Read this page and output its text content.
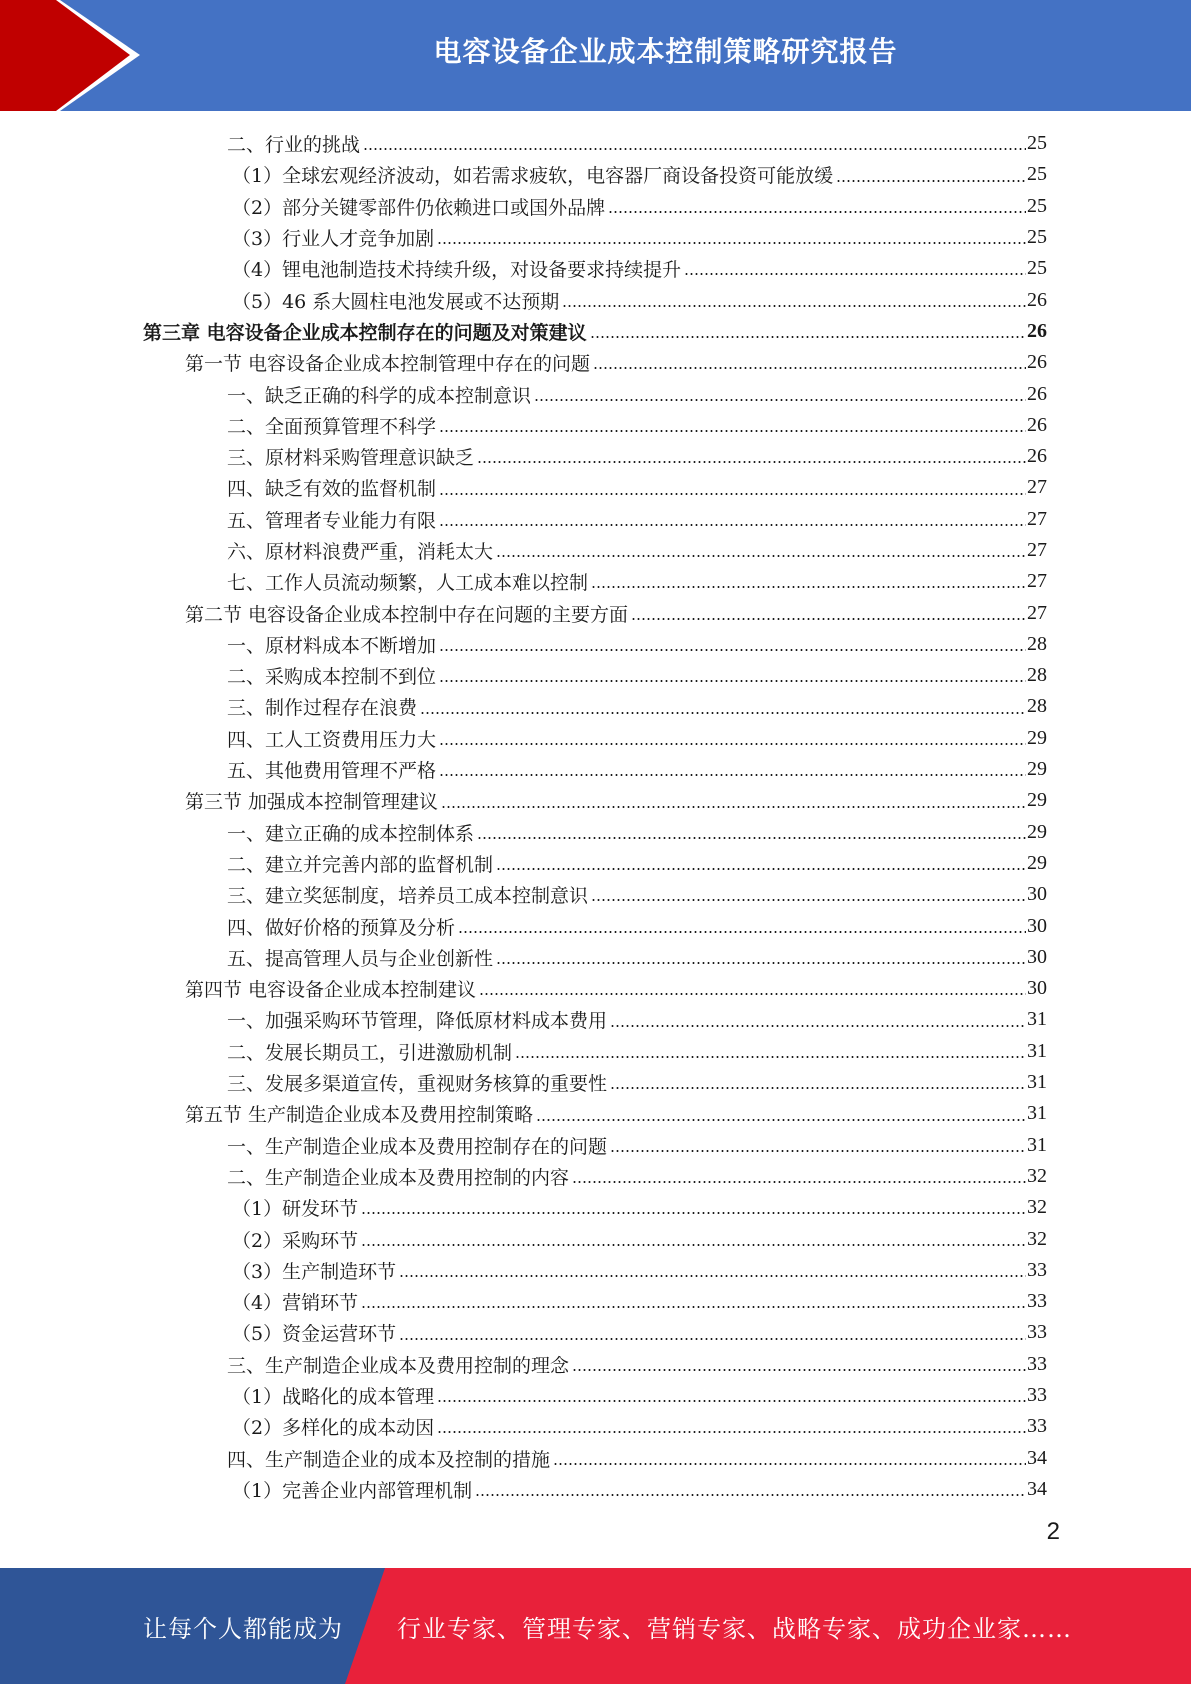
电容设备企业成本控制策略研究报告
二、行业的挑战	25
（1）全球宏观经济波动，如若需求疲软，电容器厂商设备投资可能放缓	25
（2）部分关键零部件仍依赖进口或国外品牌	25
（3）行业人才竞争加剧	25
（4）锂电池制造技术持续升级，对设备要求持续提升	25
（5）46 系大圆柱电池发展或不达预期	26
第三章 电容设备企业成本控制存在的问题及对策建议	26
第一节 电容设备企业成本控制管理中存在的问题	26
一、缺乏正确的科学的成本控制意识	26
二、全面预算管理不科学	26
三、原材料采购管理意识缺乏	26
四、缺乏有效的监督机制	27
五、管理者专业能力有限	27
六、原材料浪费严重，消耗太大	27
七、工作人员流动频繁，人工成本难以控制	27
第二节 电容设备企业成本控制中存在问题的主要方面	27
一、原材料成本不断增加	28
二、采购成本控制不到位	28
三、制作过程存在浪费	28
四、工人工资费用压力大	29
五、其他费用管理不严格	29
第三节 加强成本控制管理建议	29
一、建立正确的成本控制体系	29
二、建立并完善内部的监督机制	29
三、建立奖惩制度，培养员工成本控制意识	30
四、做好价格的预算及分析	30
五、提高管理人员与企业创新性	30
第四节 电容设备企业成本控制建议	30
一、加强采购环节管理，降低原材料成本费用	31
二、发展长期员工，引进激励机制	31
三、发展多渠道宣传，重视财务核算的重要性	31
第五节 生产制造企业成本及费用控制策略	31
一、生产制造企业成本及费用控制存在的问题	31
二、生产制造企业成本及费用控制的内容	32
（1）研发环节	32
（2）采购环节	32
（3）生产制造环节	33
（4）营销环节	33
（5）资金运营环节	33
三、生产制造企业成本及费用控制的理念	33
（1）战略化的成本管理	33
（2）多样化的成本动因	33
四、生产制造企业的成本及控制的措施	34
（1）完善企业内部管理机制	34
2
让每个人都能成为 行业专家、管理专家、营销专家、战略专家、成功企业家……
